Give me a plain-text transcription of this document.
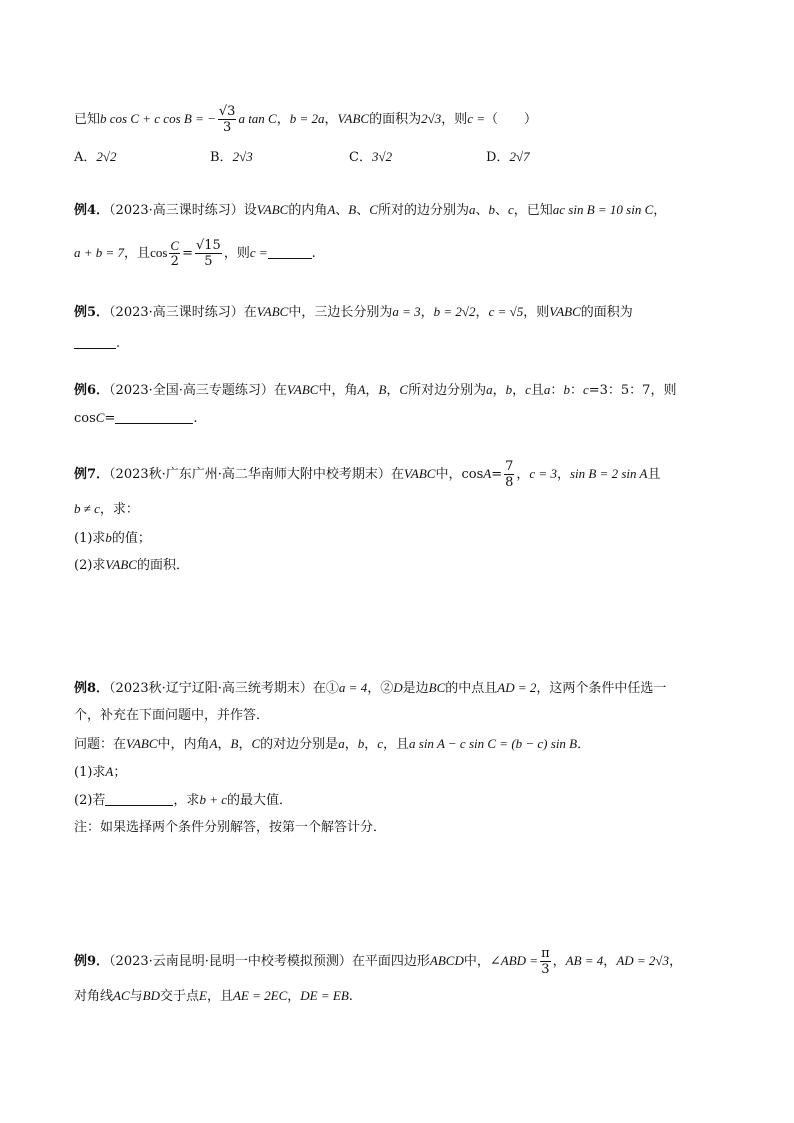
已知b cos C + c cos B = − $\frac{√3}{3}$ a tan C，b = 2a，VABC的面积为2√3，则c =（　　）
A．2√2	B．2√3	C．3√2	D．2√7
例4．（2023·高三课时练习）设VABC的内角A、B、C所对的边分别为a、b、c，已知ac sin B = 10 sin C，
a + b = 7，且$\cos \frac{C}{2} = \frac{√15}{5}$ ，则c =	.
例5．（2023·高三课时练习）在VABC中，三边长分别为a = 3，b = 2√2，c = √5，则VABC的面积为
.
例6．（2023·全国·高三专题练习）在VABC中，角A，B，C所对边分别为a，b，c且a：b：c=3：5：7，则
cosC=	.
例7．（2023秋·广东广州·高二华南师大附中校考期末）在VABC中，$\cos A= \frac{7}{8}$ ，c = 3，sin B = 2 sin A且
b ≠ c，求：
(1)求b的值；
(2)求VABC的面积．
例8．（2023秋·辽宁辽阳·高三统考期末）在①a = 4，②D是边BC的中点且AD = 2，这两个条件中任选一
个，补充在下面问题中，并作答．
问题：在VABC中，内角A，B，C的对边分别是a，b，c，且a sin A − c sin C = (b − c) sin B．
(1)求A；
(2)若	，求b + c的最大值．
注：如果选择两个条件分别解答，按第一个解答计分．
例9．（2023·云南昆明·昆明一中校考模拟预测）在平面四边形ABCD中，∠ABD = $\frac{\pi}{3}$ ，AB = 4，AD = 2√3，
对角线AC与BD交于点E，且AE = 2EC，DE = EB.
